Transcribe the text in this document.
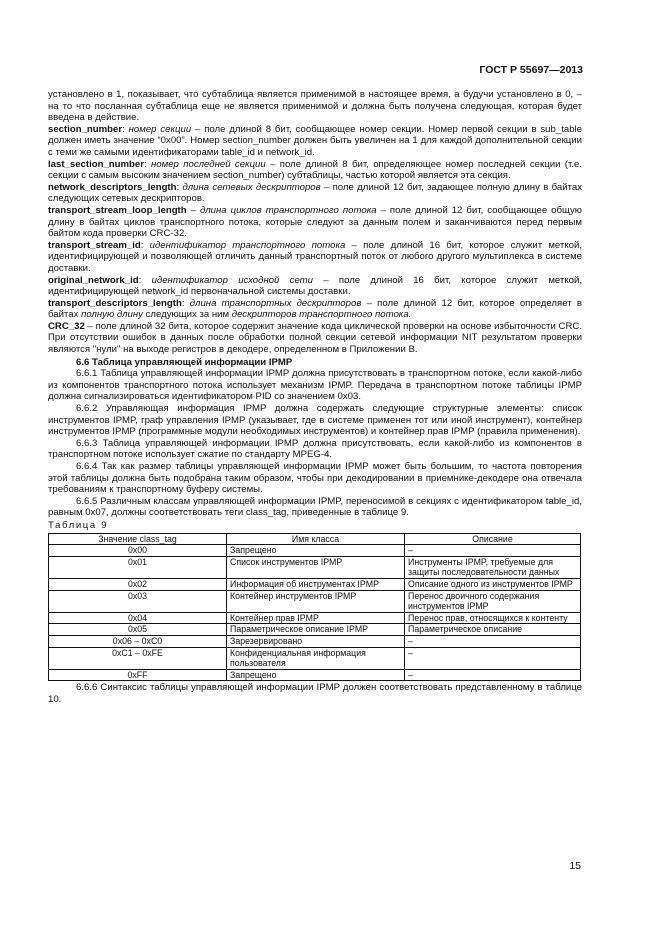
ГОСТ Р 55697—2013

установлено в 1, показывает, что субтаблица является применимой в настоящее время, а будучи установлено в 0, – на то что посланная субтаблица еще не является применимой и должна быть получена следующая, которая будет введена в действие.

section_number: номер секции – поле длиной 8 бит, сообщающее номер секции. Номер первой секции в sub_table должен иметь значение “0x00”. Номер section_number должен быть увеличен на 1 для каждой дополнительной секции с теми же самыми идентификаторами table_id и network_id.

last_section_number: номер последней секции – поле длиной 8 бит, определяющее номер последней секции (т.е. секции с самым высоким значением section_number) субтаблицы, частью которой является эта секция.

network_descriptors_length: длина сетевых дескрипторов – поле длиной 12 бит, задающее полную длину в байтах следующих сетевых дескрипторов.

transport_stream_loop_length – длина циклов транспортного потока – поле длиной 12 бит, сообщающее общую длину в байтах циклов транспортного потока, которые следуют за данным полем и заканчиваются перед первым байтом кода проверки CRC-32.

transport_stream_id: идентификатор транспортного потока – поле длиной 16 бит, которое служит меткой, идентифицирующей и позволяющей отличить данный транспортный поток от любого другого мультиплекса в системе доставки.

original_network_id: идентификатор исходной сети – поле длиной 16 бит, которое служит меткой, идентифицирующей network_id первоначальной системы доставки.

transport_descriptors_length: длина транспортных дескрипторов – поле длиной 12 бит, которое определяет в байтах полную длину следующих за ним дескрипторов транспортного потока.

CRC_32 – поле длиной 32 бита, которое содержит значение кода циклической проверки на основе избыточности CRC. При отсутствии ошибок в данных после обработки полной секции сетевой информации NIT результатом проверки являются "нули" на выходе регистров в декодере, определенном в Приложении В.

6.6 Таблица управляющей информации IPMP

6.6.1 Таблица управляющей информации IPMP должна присутствовать в транспортном потоке, если какой-либо из компонентов транспортного потока использует механизм IPMP. Передача в транспортном потоке таблицы IPMP должна сигнализироваться идентификатором PID со значением 0x03.

6.6.2 Управляющая информация IPMP должна содержать следующие структурные элементы: список инструментов IPMP, граф управления IPMP (указывает, где в системе применен тот или иной инструмент), контейнер инструментов IPMP (программные модули необходимых инструментов) и контейнер прав IPMP (правила применения).

6.6.3 Таблица управляющей информации IPMP должна присутствовать, если какой-либо из компонентов в транспортном потоке использует сжатие по стандарту MPEG-4.

6.6.4 Так как размер таблицы управляющей информации IPMP может быть большим, то частота повторения этой таблицы должна быть подобрана таким образом, чтобы при декодировании в приемнике-декодере она отвечала требованиям к транспортному буферу системы.

6.6.5 Различным классам управляющей информации IPMP, переносимой в секциях с идентификатором table_id, равным 0x07, должны соответствовать теги class_tag, приведенные в таблице 9.

Таблица 9

Значение class_tag	Имя класса	Описание
0x00	Запрещено	–
0x01	Список инструментов IPMP	Инструменты IPMP, требуемые для защиты последовательности данных
0x02	Информация об инструментах IPMP	Описание одного из инструментов IPMP
0x03	Контейнер инструментов IPMP	Перенос двоичного содержания инструментов IPMP
0x04	Контейнер прав IPMP	Перенос прав, относящихся к контенту
0x05	Параметрическое описание IPMP	Параметрическое описание
0x06 – 0xC0	Зарезервировано	–
0xC1 – 0xFE	Конфиденциальная информация пользователя	–
0xFF	Запрещено	–

6.6.6 Синтаксис таблицы управляющей информации IPMP должен соответствовать представленному в таблице 10.

15
